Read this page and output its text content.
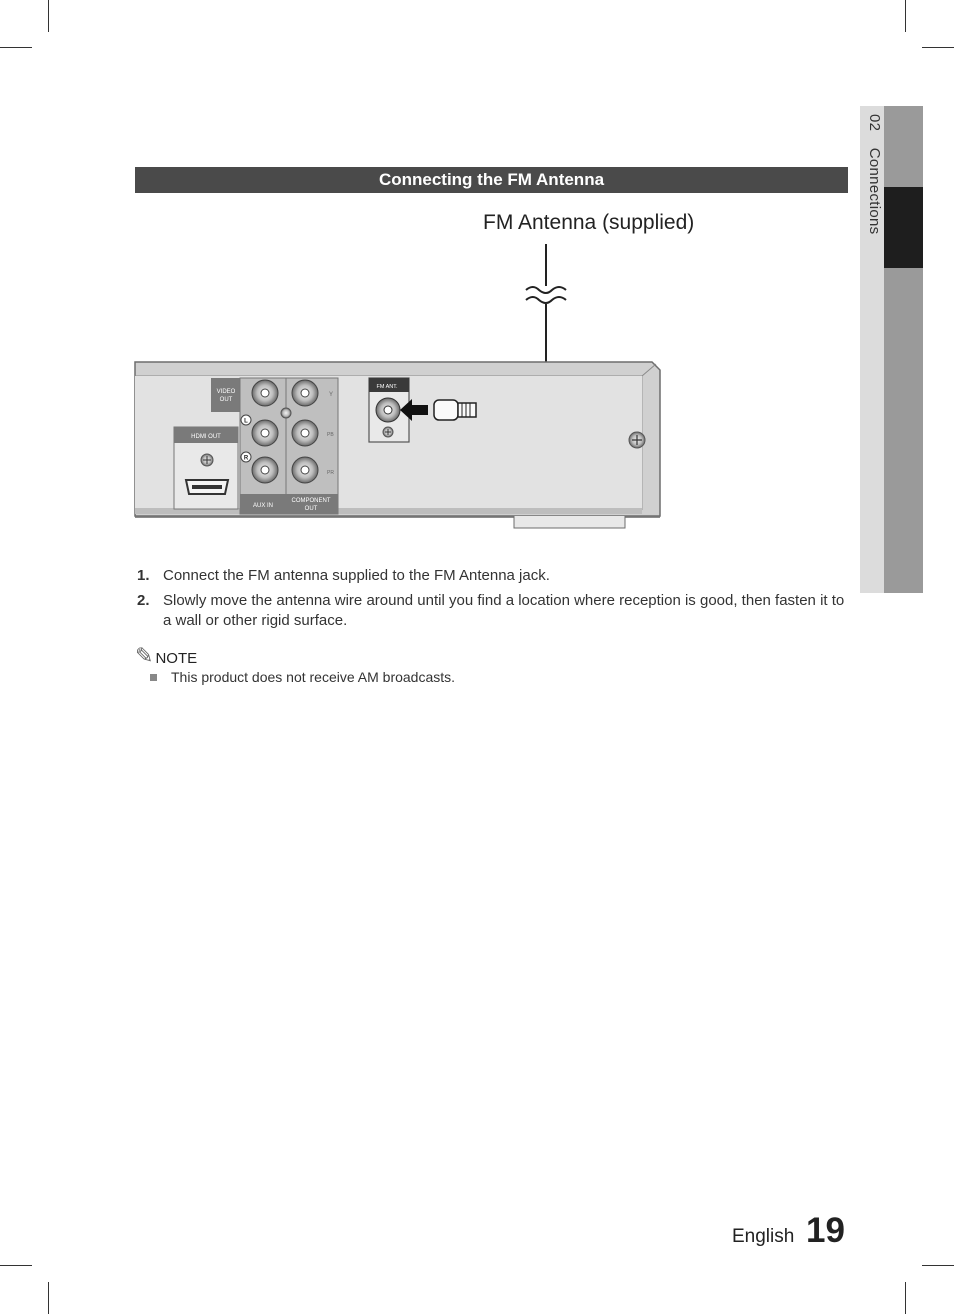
02 Connections
Connecting the FM Antenna
FM Antenna (supplied)
VIDEO
OUT
HDMI OUT
L
R
Y
PB
PR
AUX IN
COMPONENT
OUT
FM ANT.
1. Connect the FM antenna supplied to the FM Antenna jack.
2. Slowly move the antenna wire around until you find a location where reception is good, then fasten it to a wall or other rigid surface.
✎ NOTE
This product does not receive AM broadcasts.
English 19
